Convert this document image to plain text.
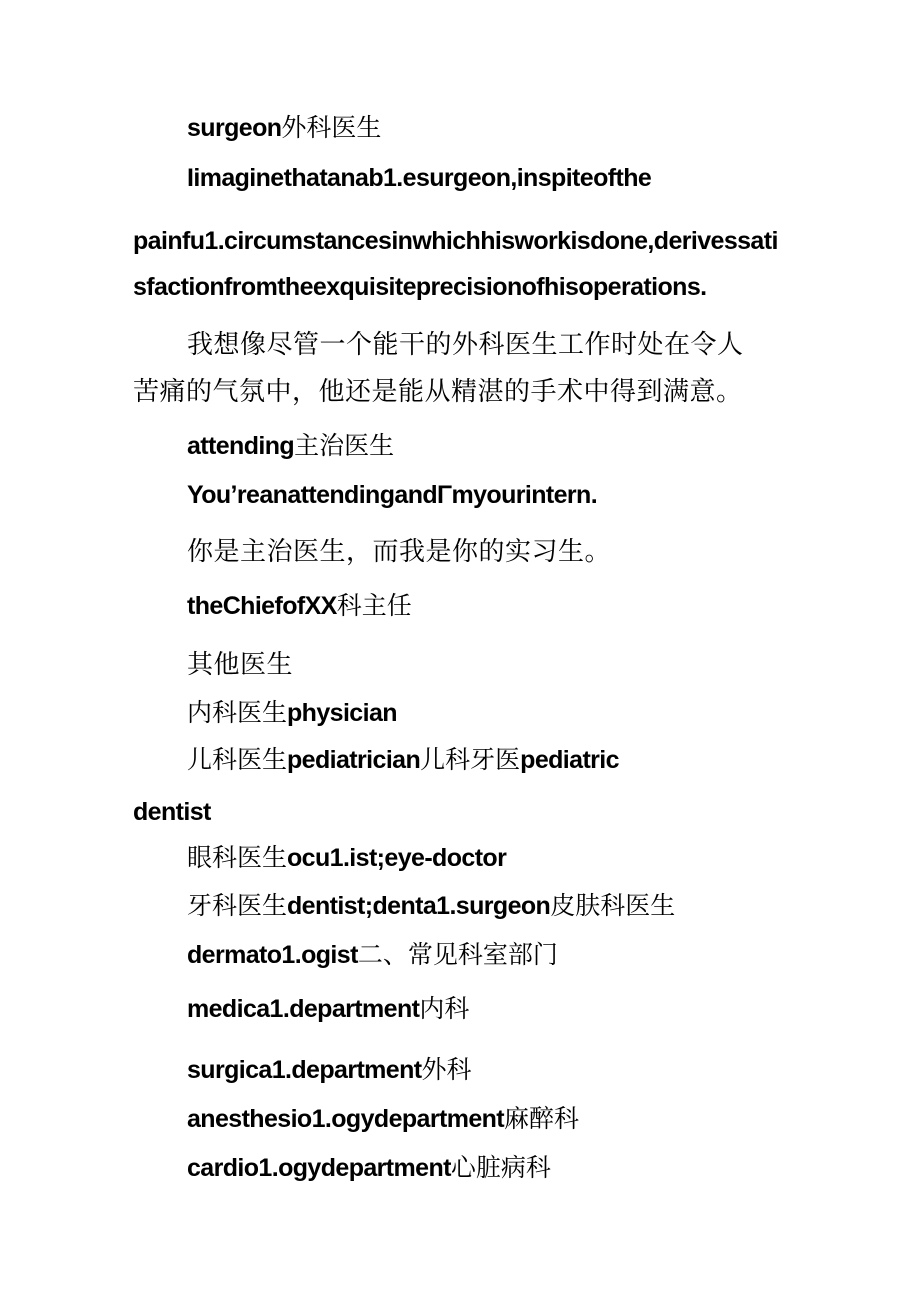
surgeon外科医生
Iimaginethatanab1.esurgeon,inspiteofthe
painfu1.circumstancesinwhichhisworkisdone,derivessati
sfactionfromtheexquisiteprecisionofhisoperations.
我想像尽管一个能干的外科医生工作时处在令人
苦痛的气氛中，他还是能从精湛的手术中得到满意。
attending主治医生
You’reanattendingandΓmyourintern.
你是主治医生，而我是你的实习生。
theChiefofXX科主任
其他医生
内科医生physician
儿科医生pediatrician儿科牙医pediatric
dentist
眼科医生ocu1.ist;eye-doctor
牙科医生dentist;denta1.surgeon皮肤科医生
dermato1.ogist二、常见科室部门
medica1.department内科
surgica1.department外科
anesthesio1.ogydepartment麻醉科
cardio1.ogydepartment心脏病科
